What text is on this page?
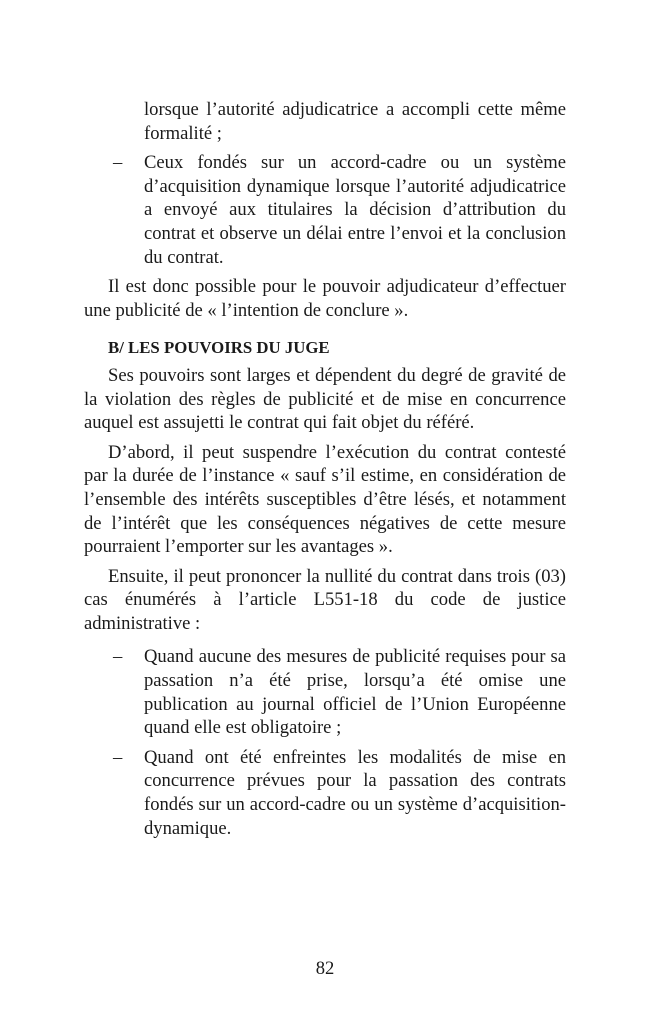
lorsque l’autorité adjudicatrice a accompli cette même formalité ;

– Ceux fondés sur un accord-cadre ou un système d’acquisition dynamique lorsque l’autorité adjudicatrice a envoyé aux titulaires la décision d’attribution du contrat et observe un délai entre l’envoi et la conclusion du contrat.

Il est donc possible pour le pouvoir adjudicateur d’effectuer une publicité de « l’intention de conclure ».

B/ LES POUVOIRS DU JUGE

Ses pouvoirs sont larges et dépendent du degré de gravité de la violation des règles de publicité et de mise en concurrence auquel est assujetti le contrat qui fait objet du référé.

D’abord, il peut suspendre l’exécution du contrat contesté par la durée de l’instance « sauf s’il estime, en considération de l’ensemble des intérêts susceptibles d’être lésés, et notamment de l’intérêt que les conséquences négatives de cette mesure pourraient l’emporter sur les avantages ».

Ensuite, il peut prononcer la nullité du contrat dans trois (03) cas énumérés à l’article L551-18 du code de justice administrative :

– Quand aucune des mesures de publicité requises pour sa passation n’a été prise, lorsqu’a été omise une publication au journal officiel de l’Union Européenne quand elle est obligatoire ;
– Quand ont été enfreintes les modalités de mise en concurrence prévues pour la passation des contrats fondés sur un accord-cadre ou un système d’acquisition-dynamique.
82
